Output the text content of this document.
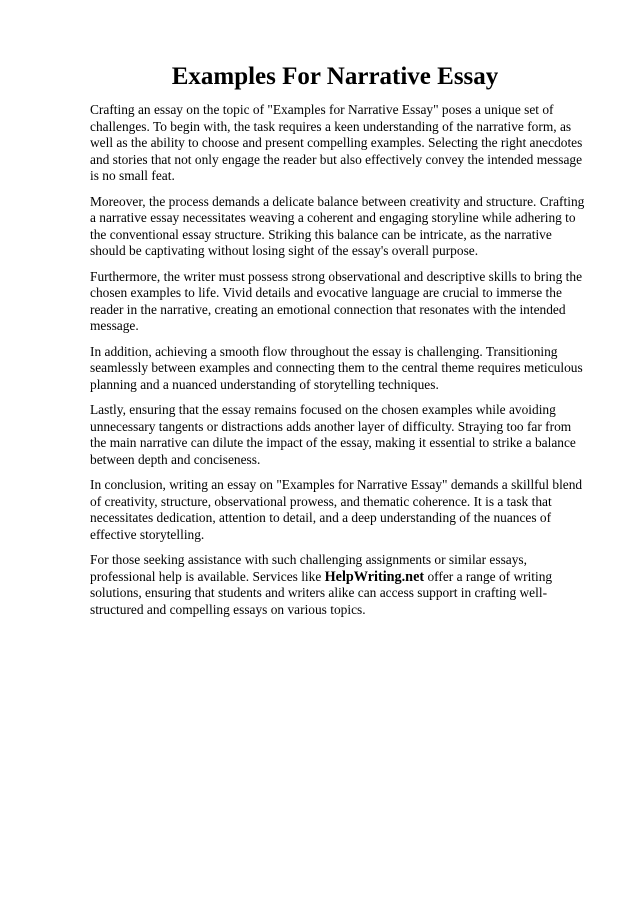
Examples For Narrative Essay

Crafting an essay on the topic of "Examples for Narrative Essay" poses a unique set of challenges. To begin with, the task requires a keen understanding of the narrative form, as well as the ability to choose and present compelling examples. Selecting the right anecdotes and stories that not only engage the reader but also effectively convey the intended message is no small feat.

Moreover, the process demands a delicate balance between creativity and structure. Crafting a narrative essay necessitates weaving a coherent and engaging storyline while adhering to the conventional essay structure. Striking this balance can be intricate, as the narrative should be captivating without losing sight of the essay's overall purpose.

Furthermore, the writer must possess strong observational and descriptive skills to bring the chosen examples to life. Vivid details and evocative language are crucial to immerse the reader in the narrative, creating an emotional connection that resonates with the intended message.

In addition, achieving a smooth flow throughout the essay is challenging. Transitioning seamlessly between examples and connecting them to the central theme requires meticulous planning and a nuanced understanding of storytelling techniques.

Lastly, ensuring that the essay remains focused on the chosen examples while avoiding unnecessary tangents or distractions adds another layer of difficulty. Straying too far from the main narrative can dilute the impact of the essay, making it essential to strike a balance between depth and conciseness.

In conclusion, writing an essay on "Examples for Narrative Essay" demands a skillful blend of creativity, structure, observational prowess, and thematic coherence. It is a task that necessitates dedication, attention to detail, and a deep understanding of the nuances of effective storytelling.

For those seeking assistance with such challenging assignments or similar essays, professional help is available. Services like HelpWriting.net offer a range of writing solutions, ensuring that students and writers alike can access support in crafting well-structured and compelling essays on various topics.
